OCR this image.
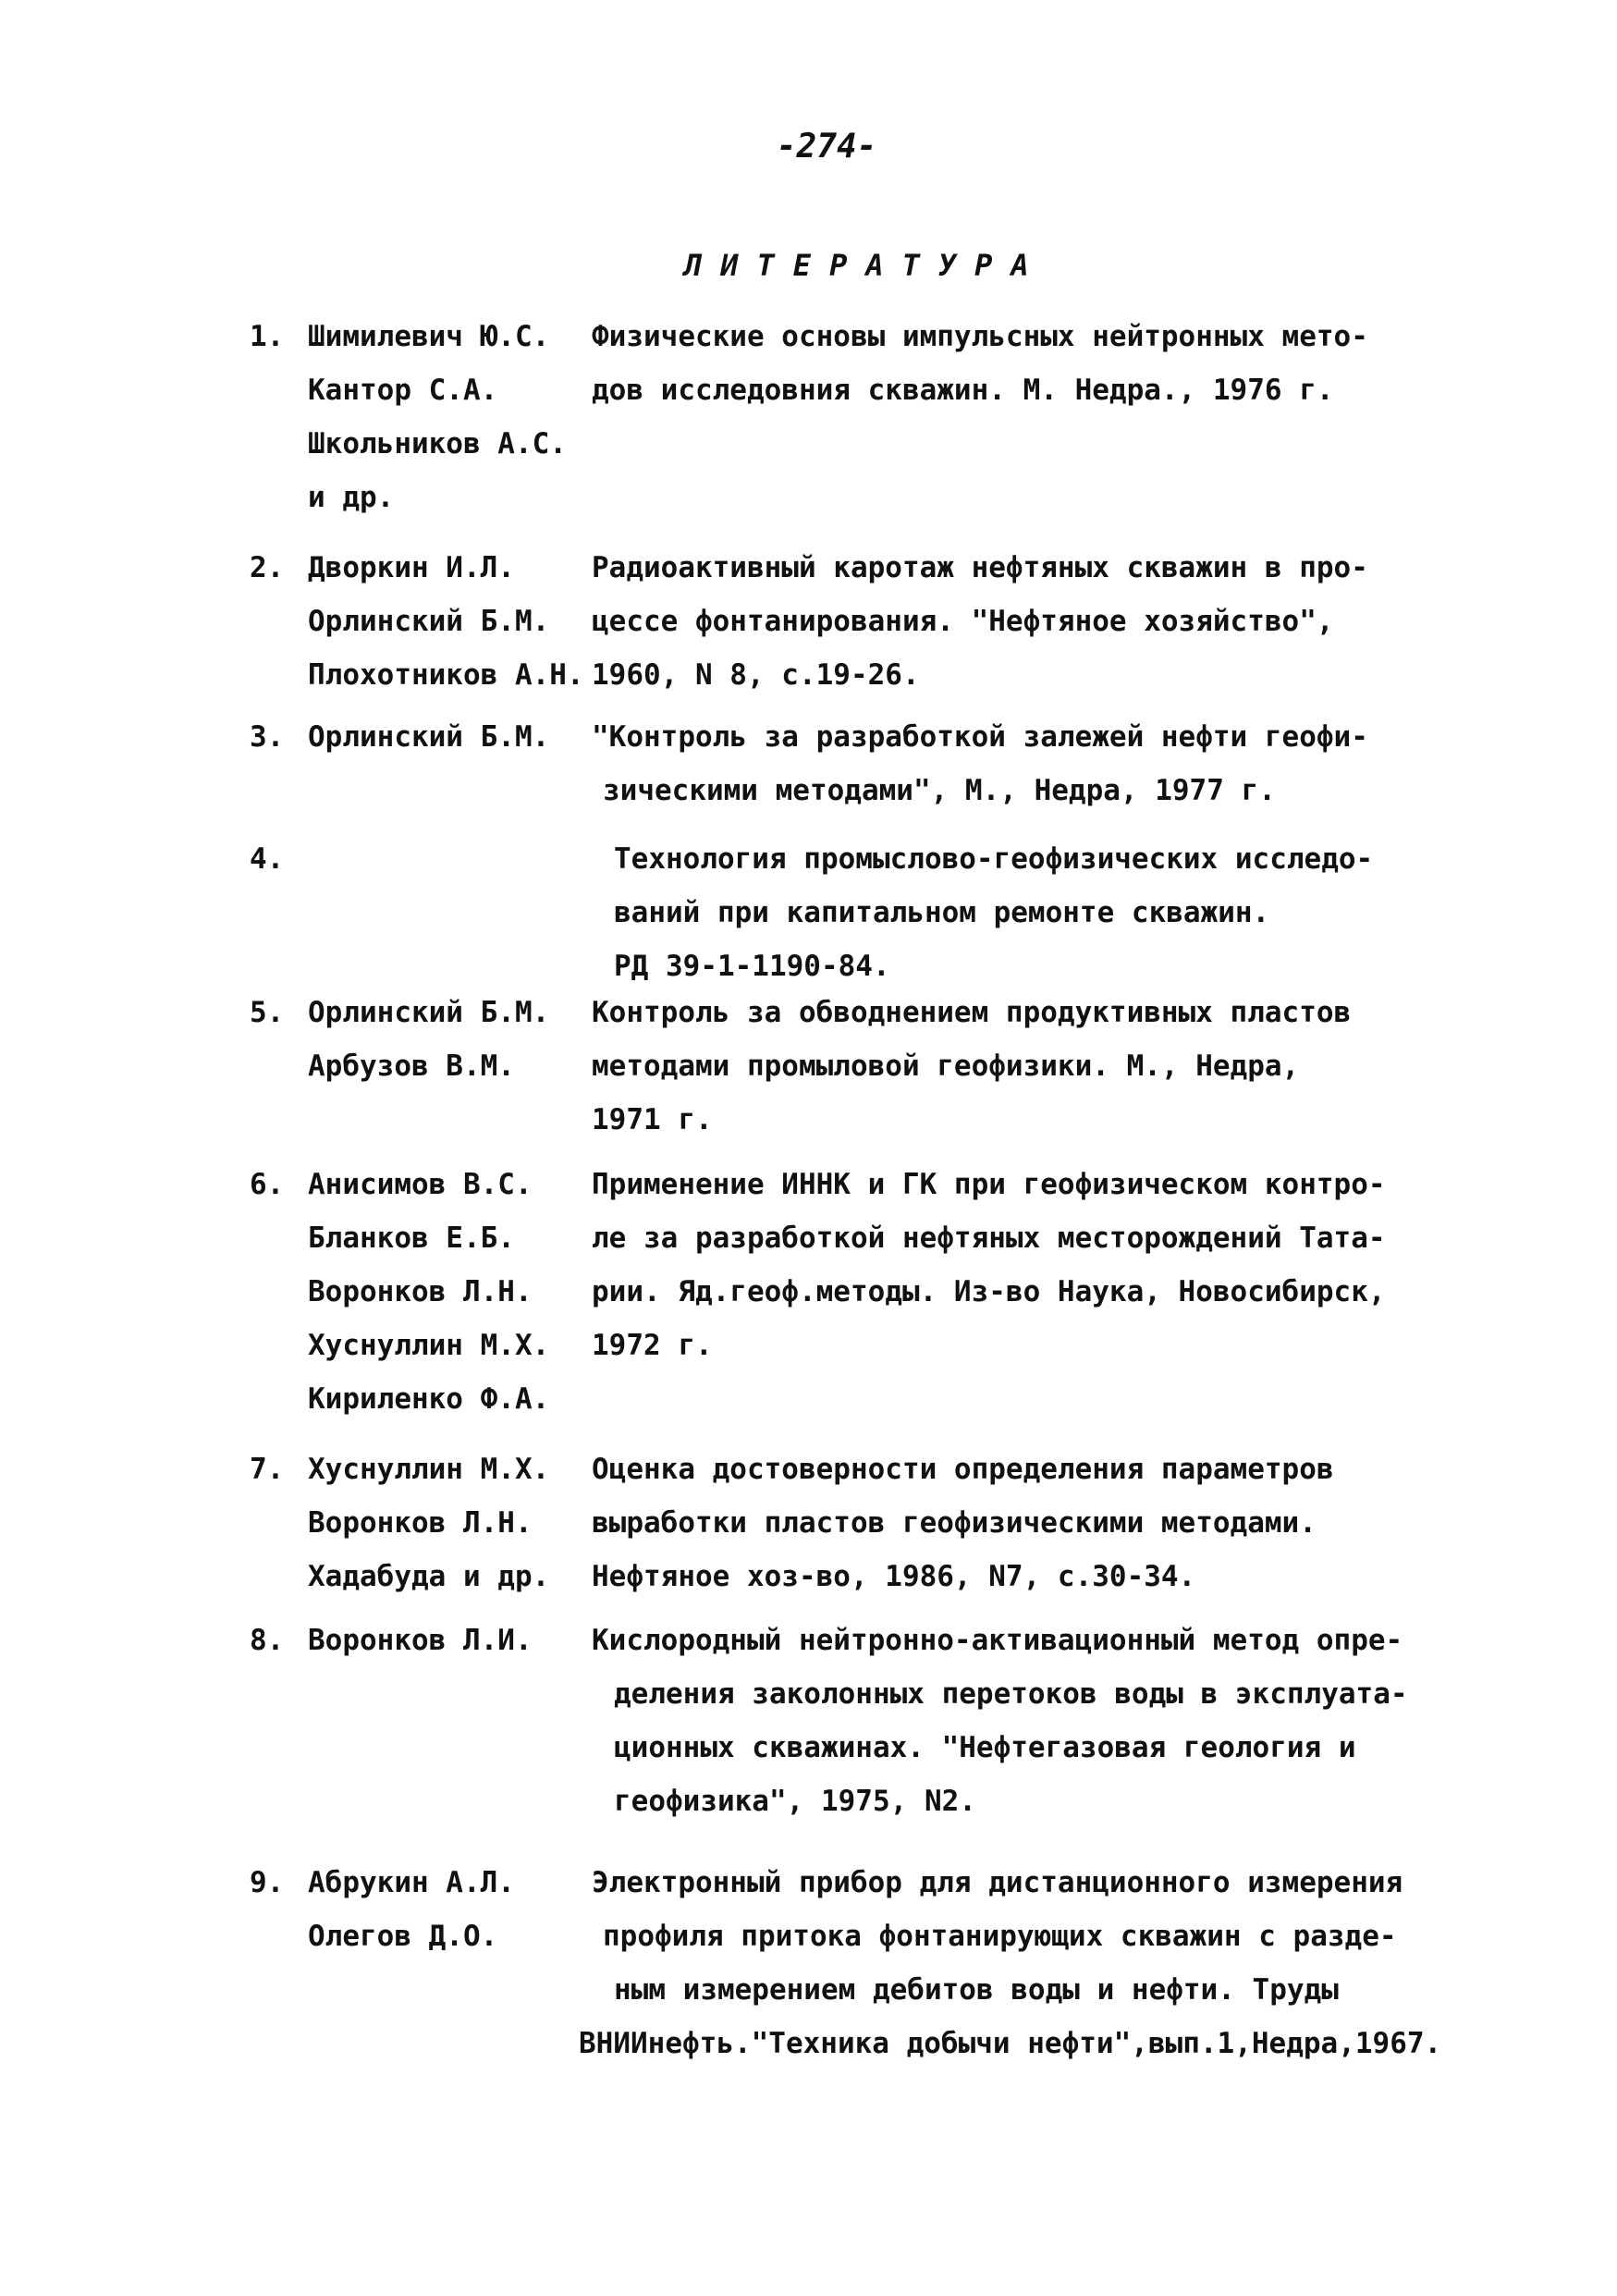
-274-
ЛИТЕРАТУРА
1. Шимилевич Ю.С.
Кантор С.А.
Школьников А.С.
и др.
Физические основы импульсных нейтронных мето-
дов исследовния скважин. М. Недра., 1976 г.
2. Дворкин И.Л.
Орлинский Б.М.
Плохотников А.Н.
Радиоактивный каротаж нефтяных скважин в про-
цессе фонтанирования. "Нефтяное хозяйство",
1960, N 8, с.19-26.
3. Орлинский Б.М. "Контроль за разработкой залежей нефти геофи-
зическими методами", М., Недра, 1977 г.
4.	Технология промыслово-геофизических исследо-
ваний при капитальном ремонте скважин.
РД 39-1-1190-84.
5. Орлинский Б.М.
Арбузов В.М.
Контроль за обводнением продуктивных пластов
методами промыловой геофизики. М., Недра,
1971 г.
6. Анисимов В.С.
Бланков Е.Б.
Воронков Л.Н.
Хуснуллин М.Х.
Кириленко Ф.А.
Применение ИННК и ГК при геофизическом контро-
ле за разработкой нефтяных месторождений Тата-
рии. Яд.геоф.методы. Из-во Наука, Новосибирск,
1972 г.
7. Хуснуллин М.Х.
Воронков Л.Н.
Хадабуда и др.
Оценка достоверности определения параметров
выработки пластов геофизическими методами.
Нефтяное хоз-во, 1986, N7, с.30-34.
8. Воронков Л.И. Кислородный нейтронно-активационный метод опре-
деления заколонных перетоков воды в эксплуата-
ционных скважинах. "Нефтегазовая геология и
геофизика", 1975, N2.
9. Абрукин А.Л.
Олегов Д.О.
Электронный прибор для дистанционного измерения
профиля притока фонтанирующих скважин с разде-
ным измерением дебитов воды и нефти. Труды
ВНИИнефть."Техника добычи нефти",вып.1,Недра,1967.
